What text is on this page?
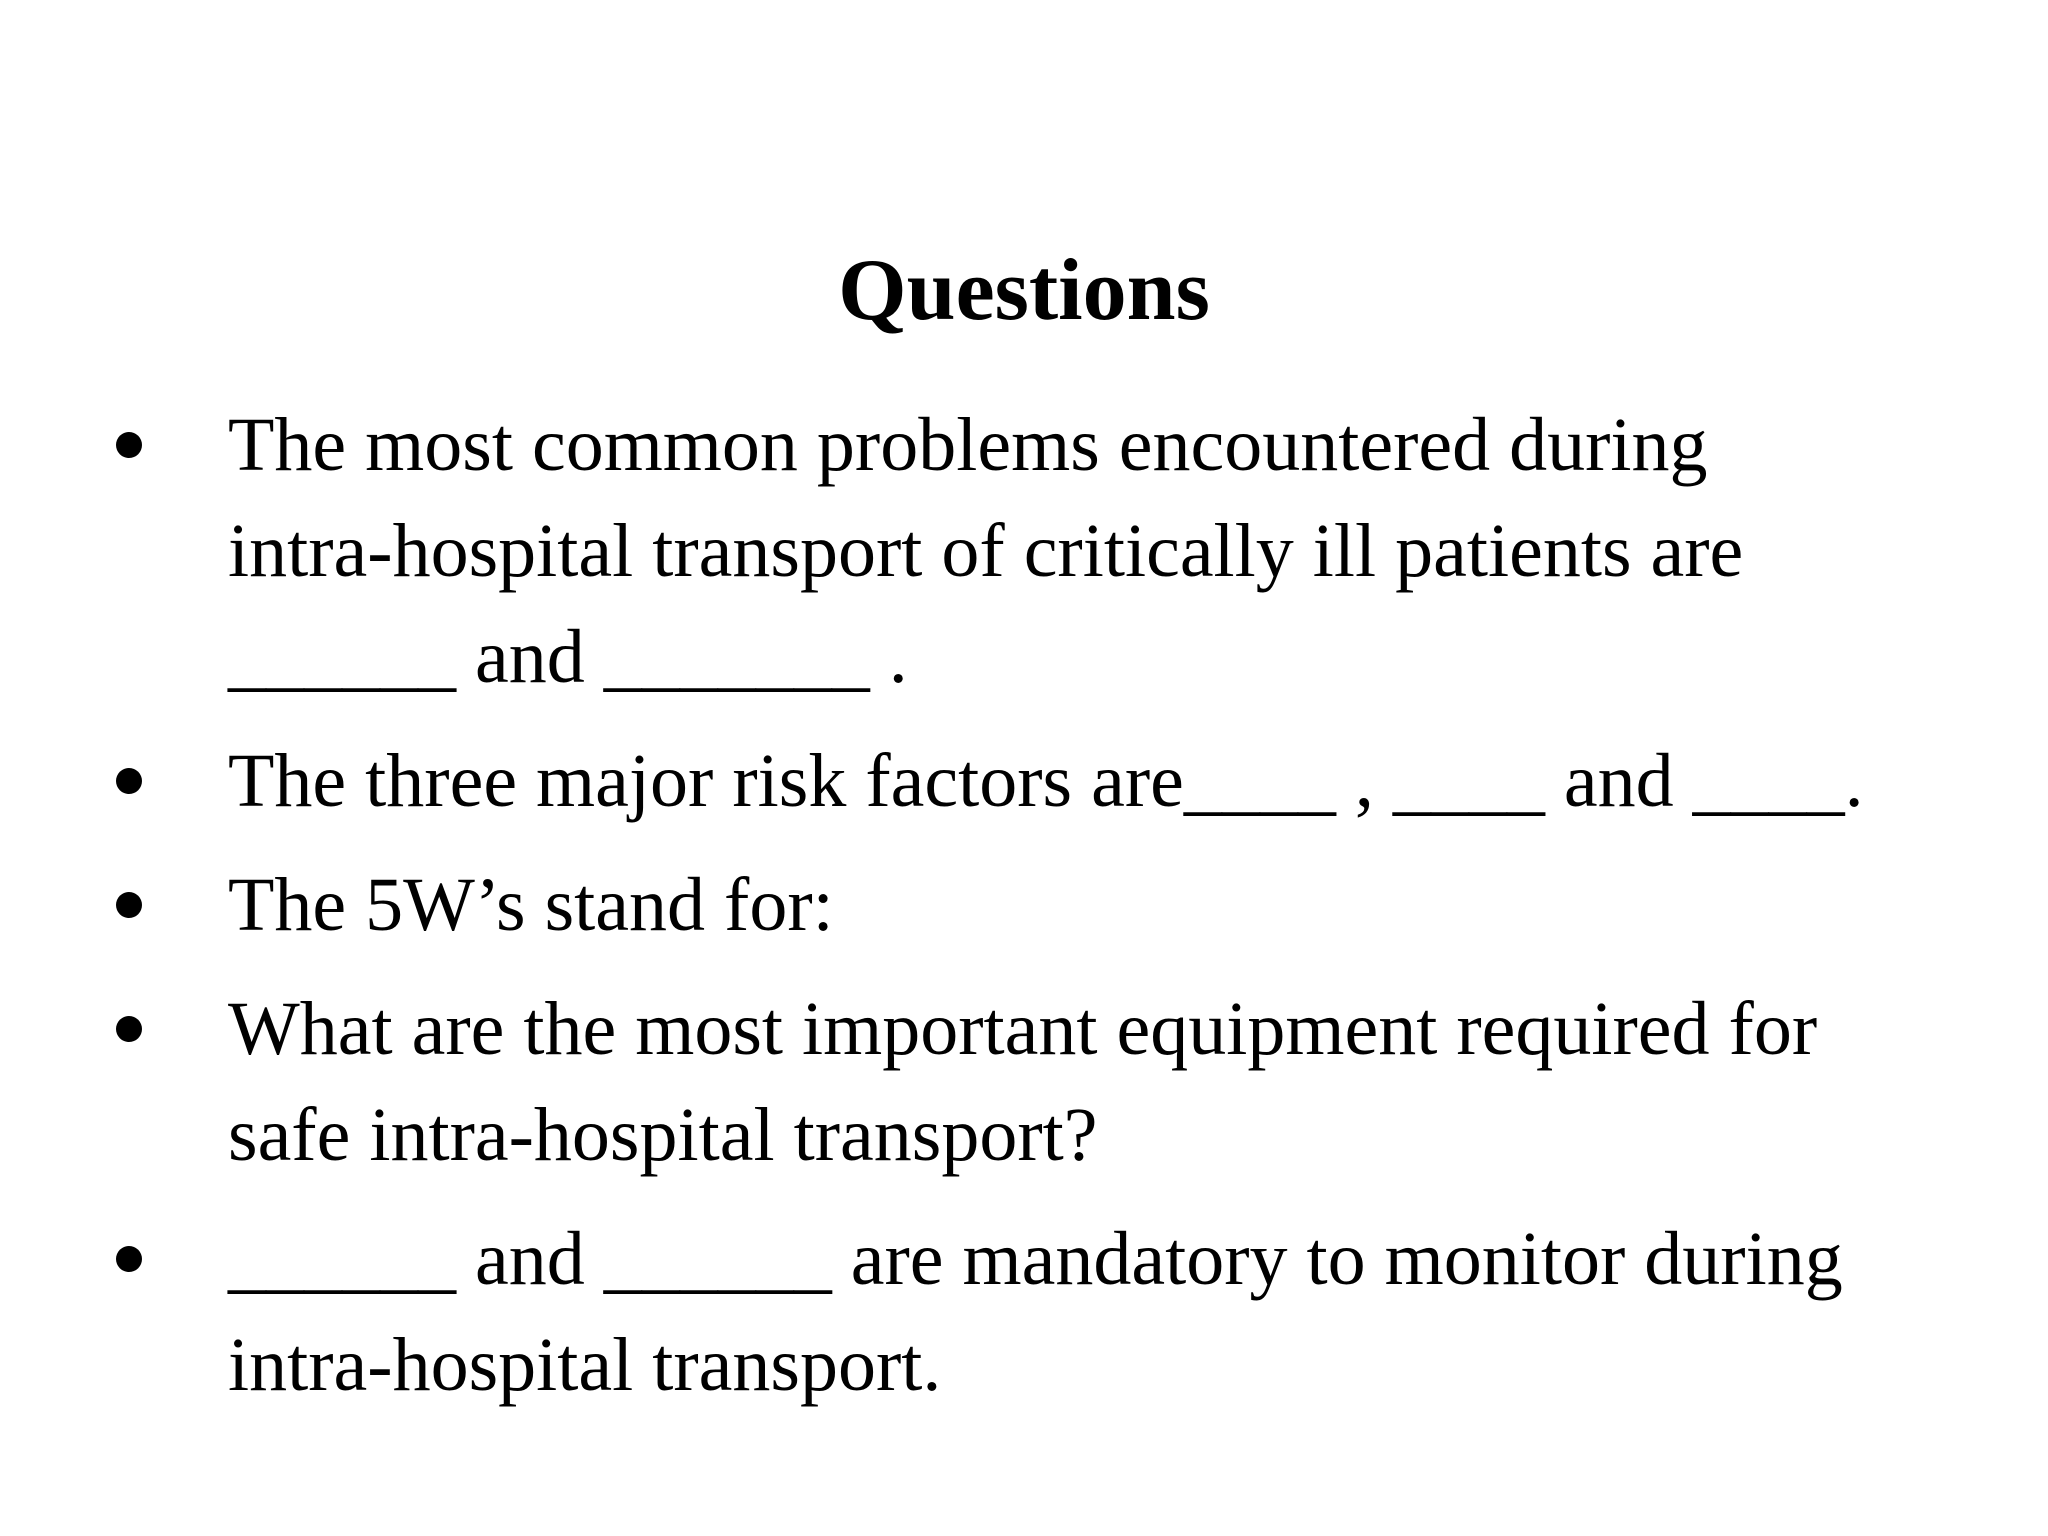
Questions
The most common problems encountered during
intra-hospital transport of critically ill patients are
______ and _______ .
The three major risk factors are____ , ____ and ____.
The 5W’s stand for:
What are the most important equipment required for
safe intra-hospital transport?
______ and ______ are mandatory to monitor during
intra-hospital transport.
